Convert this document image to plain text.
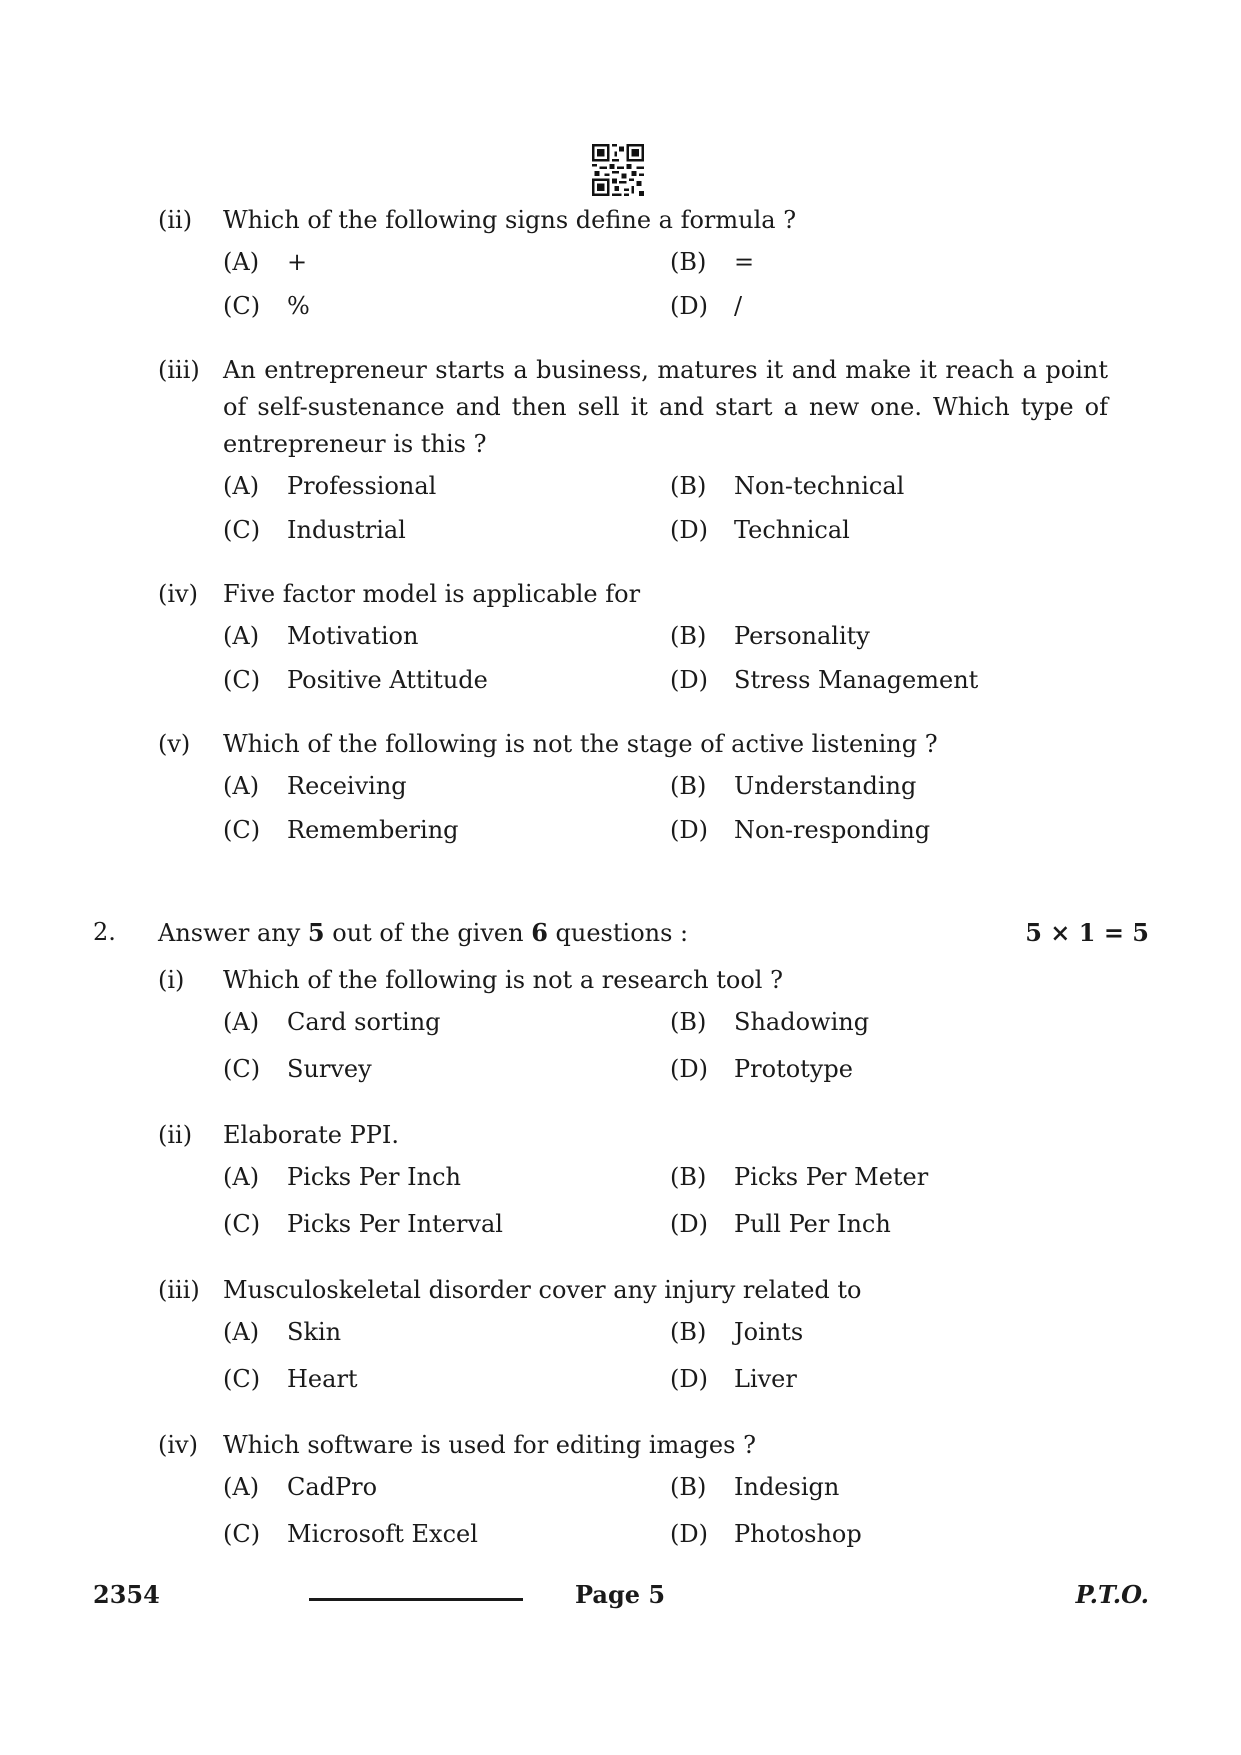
(ii)	Which of the following signs define a formula ?
(A) +	(B) =
(C) %	(D) /
(iii) An entrepreneur starts a business, matures it and make it reach a point of self-sustenance and then sell it and start a new one. Which type of entrepreneur is this ?
(A) Professional	(B) Non-technical
(C) Industrial	(D) Technical
(iv)	Five factor model is applicable for
(A) Motivation	(B) Personality
(C) Positive Attitude	(D) Stress Management
(v)	Which of the following is not the stage of active listening ?
(A) Receiving	(B) Understanding
(C) Remembering	(D) Non-responding
2. Answer any 5 out of the given 6 questions :	5 × 1 = 5
(i)	Which of the following is not a research tool ?
(A) Card sorting	(B) Shadowing
(C) Survey	(D) Prototype
(ii)	Elaborate PPI.
(A) Picks Per Inch	(B) Picks Per Meter
(C) Picks Per Interval	(D) Pull Per Inch
(iii) Musculoskeletal disorder cover any injury related to
(A) Skin	(B) Joints
(C) Heart	(D) Liver
(iv)	Which software is used for editing images ?
(A) CadPro	(B) Indesign
(C) Microsoft Excel	(D) Photoshop
2354	Page 5	P.T.O.
